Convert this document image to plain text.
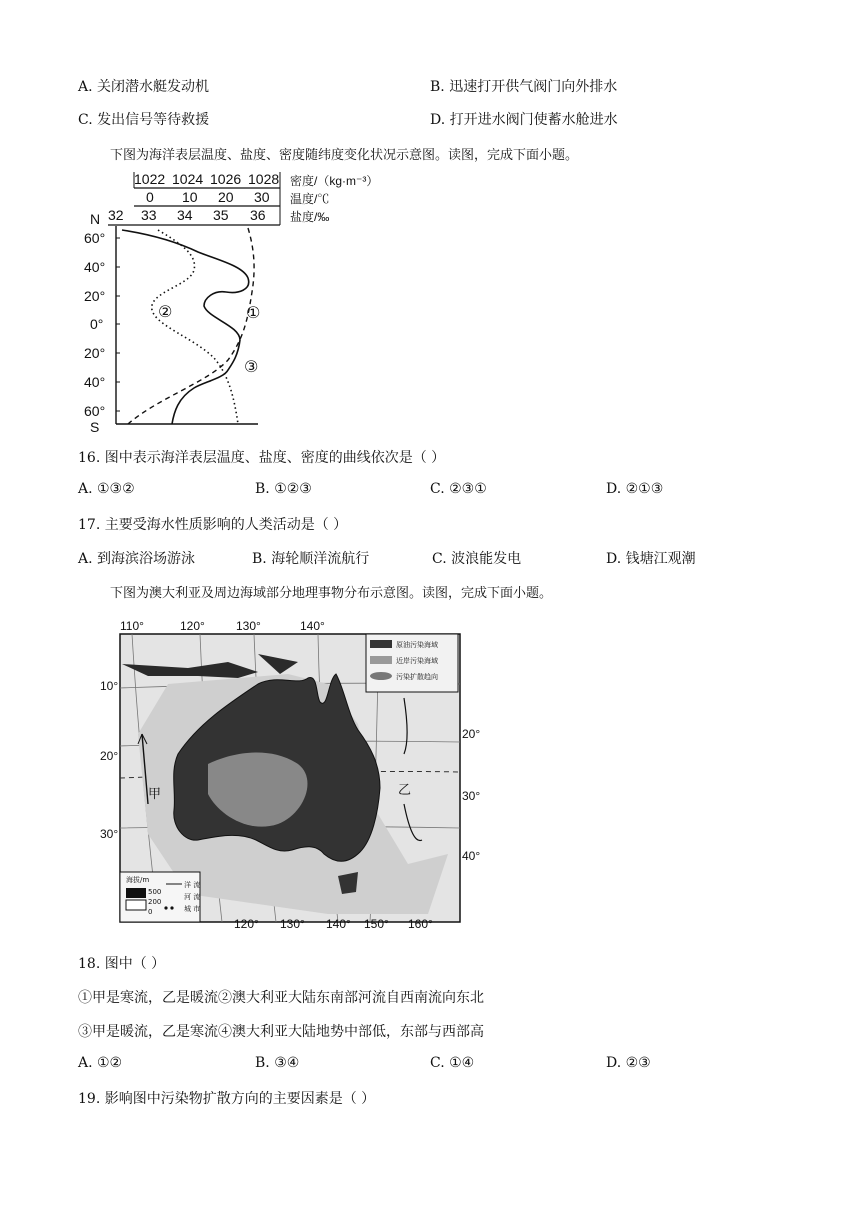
A. 关闭潜水艇发动机	B. 迅速打开供气阀门向外排水
C. 发出信号等待救援	D. 打开进水阀门使蓄水舱进水
下图为海洋表层温度、盐度、密度随纬度变化状况示意图。读图，完成下面小题。
1022 1024 1026 1028 密度/（kg·m⁻³）
0 10 20 30 温度/℃
32 33 34 35 36 盐度/‰
N
60°
40°
20°
0°
20°
40°
60°
S
①
②
③
16. 图中表示海洋表层温度、盐度、密度的曲线依次是（ ）
A. ①③②	B. ①②③	C. ②③①	D. ②①③
17. 主要受海水性质影响的人类活动是（ ）
A. 到海滨浴场游泳	B. 海轮顺洋流航行	C. 波浪能发电	D. 钱塘江观潮
下图为澳大利亚及周边海域部分地理事物分布示意图。读图，完成下面小题。
110°	120°	130°	140°
120° 130° 140° 150° 160°
10°
20°
30°
20°
30°
40°
甲	乙
原油污染海域
近岸污染海域
污染扩散趋向
海拔/m
500
200
0
洋 流
河 流
城 市
18. 图中（ ）
①甲是寒流，乙是暖流②澳大利亚大陆东南部河流自西南流向东北
③甲是暖流，乙是寒流④澳大利亚大陆地势中部低，东部与西部高
A. ①②	B. ③④	C. ①④	D. ②③
19. 影响图中污染物扩散方向的主要因素是（ ）
